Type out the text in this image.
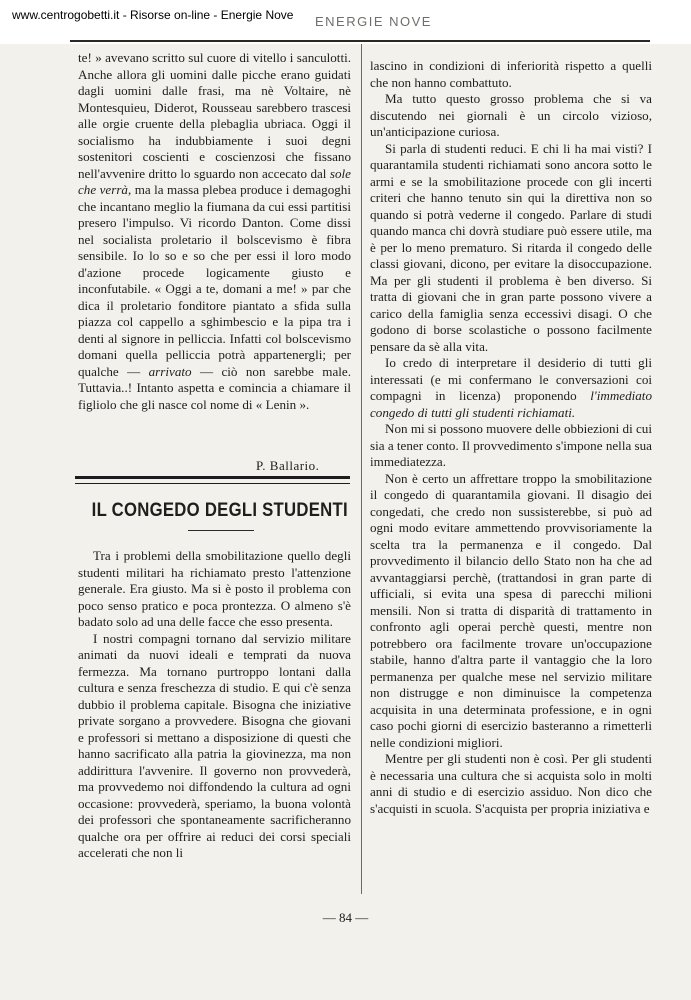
www.centrogobetti.it - Risorse on-line - Energie Nove ENERGIE NOVE

te! » avevano scritto sul cuore di vitello i sanculotti. Anche allora gli uomini dalle picche erano guidati dagli uomini dalle frasi, ma nè Voltaire, nè Montesquieu, Diderot, Rousseau sarebbero trascesi alle orgie cruente della plebaglia ubriaca. Oggi il socialismo ha indubbiamente i suoi degni sostenitori coscienti e coscienzosi che fissano nell'avvenire dritto lo sguardo non accecato dal sole che verrà, ma la massa plebea produce i demagoghi che incantano meglio la fiumana da cui essi partitisi presero l'impulso. Vi ricordo Danton. Come dissi nel socialista proletario il bolscevismo è fibra sensibile. Io lo so e so che per essi il loro modo d'azione procede logicamente giusto e inconfutabile. « Oggi a te, domani a me! » par che dica il proletario fonditore piantato a sfida sulla piazza col cappello a sghimbescio e la pipa tra i denti al signore in pelliccia. Infatti col bolscevismo domani quella pelliccia potrà appartenergli; per qualche — arrivato — ciò non sarebbe male. Tuttavia..! Intanto aspetta e comincia a chiamare il figliolo che gli nasce col nome di « Lenin ».

P. Ballario.
IL CONGEDO DEGLI STUDENTI

Tra i problemi della smobilitazione quello degli studenti militari ha richiamato presto l'attenzione generale. Era giusto. Ma si è posto il problema con poco senso pratico e poca prontezza. O almeno s'è badato solo ad una delle facce che esso presenta.

I nostri compagni tornano dal servizio militare animati da nuovi ideali e temprati da nuova fermezza. Ma tornano purtroppo lontani dalla cultura e senza freschezza di studio. E qui c'è senza dubbio il problema capitale. Bisogna che iniziative private sorgano a provvedere. Bisogna che giovani e professori si mettano a disposizione di questi che hanno sacrificato alla patria la giovinezza, ma non addirittura l'avvenire. Il governo non provvederà, ma provvedemo noi diffondendo la cultura ad ogni occasione: provvederà, speriamo, la buona volontà dei professori che spontaneamente sacrificheranno qualche ora per offrire ai reduci dei corsi speciali accelerati che non li

lascino in condizioni di inferiorità rispetto a quelli che non hanno combattuto.

Ma tutto questo grosso problema che si va discutendo nei giornali è un circolo vizioso, un'anticipazione curiosa.

Si parla di studenti reduci. E chi li ha mai visti? I quarantamila studenti richiamati sono ancora sotto le armi e se la smobilitazione procede con gli incerti criteri che hanno tenuto sin qui la direttiva non so quando si potrà vederne il congedo. Parlare di studi quando manca chi dovrà studiare può essere utile, ma è per lo meno prematuro. Si ritarda il congedo delle classi giovani, dicono, per evitare la disoccupazione. Ma per gli studenti il problema è ben diverso. Si tratta di giovani che in gran parte possono vivere a carico della famiglia senza eccessivi disagi. O che godono di borse scolastiche o possono facilmente pensare da sè alla vita.

Io credo di interpretare il desiderio di tutti gli interessati (e mi confermano le conversazioni coi compagni in licenza) proponendo l'immediato congedo di tutti gli studenti richiamati.

Non mi si possono muovere delle obbiezioni di cui sia a tener conto. Il provvedimento s'impone nella sua immediatezza.

Non è certo un affrettare troppo la smobilitazione il congedo di quarantamila giovani. Il disagio dei congedati, che credo non sussisterebbe, si può ad ogni modo evitare ammettendo provvisoriamente la scelta tra la permanenza e il congedo. Dal provvedimento il bilancio dello Stato non ha che ad avvantaggiarsi perchè, (trattandosi in gran parte di ufficiali, si evita una spesa di parecchi milioni mensili. Non si tratta di disparità di trattamento in confronto agli operai perchè questi, mentre non potrebbero ora facilmente trovare un'occupazione stabile, hanno d'altra parte il vantaggio che la loro permanenza per qualche mese nel servizio militare non distrugge e non diminuisce la competenza acquisita in una determinata professione, e in ogni caso pochi giorni di esercizio basteranno a rimetterli nelle condizioni migliori.

Mentre per gli studenti non è così. Per gli studenti è necessaria una cultura che si acquista solo in molti anni di studio e di esercizio assiduo. Non dico che s'acquisti in scuola. S'acquista per propria iniziativa e

— 84 —
